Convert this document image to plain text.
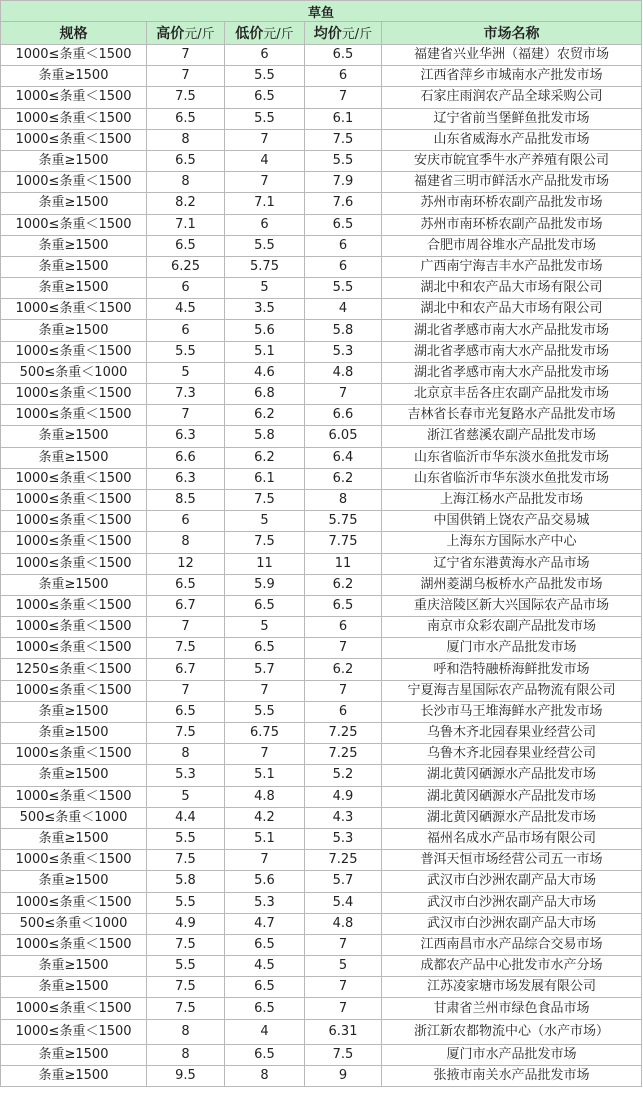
草鱼				
规格	高价元/斤	低价元/斤	均价元/斤	市场名称
1000≤条重＜1500	7	6	6.5	福建省兴业华洲（福建）农贸市场
条重≥1500	7	5.5	6	江西省萍乡市城南水产批发市场
1000≤条重＜1500	7.5	6.5	7	石家庄雨润农产品全球采购公司
1000≤条重＜1500	6.5	5.5	6.1	辽宁省前当堡鲜鱼批发市场
1000≤条重＜1500	8	7	7.5	山东省威海水产品批发市场
条重≥1500	6.5	4	5.5	安庆市皖宜季牛水产养殖有限公司
1000≤条重＜1500	8	7	7.9	福建省三明市鲜活水产品批发市场
条重≥1500	8.2	7.1	7.6	苏州市南环桥农副产品批发市场
1000≤条重＜1500	7.1	6	6.5	苏州市南环桥农副产品批发市场
条重≥1500	6.5	5.5	6	合肥市周谷堆水产品批发市场
条重≥1500	6.25	5.75	6	广西南宁海吉丰水产品批发市场
条重≥1500	6	5	5.5	湖北中和农产品大市场有限公司
1000≤条重＜1500	4.5	3.5	4	湖北中和农产品大市场有限公司
条重≥1500	6	5.6	5.8	湖北省孝感市南大水产品批发市场
1000≤条重＜1500	5.5	5.1	5.3	湖北省孝感市南大水产品批发市场
500≤条重＜1000	5	4.6	4.8	湖北省孝感市南大水产品批发市场
1000≤条重＜1500	7.3	6.8	7	北京京丰岳各庄农副产品批发市场
1000≤条重＜1500	7	6.2	6.6	吉林省长春市光复路水产品批发市场
条重≥1500	6.3	5.8	6.05	浙江省慈溪农副产品批发市场
条重≥1500	6.6	6.2	6.4	山东省临沂市华东淡水鱼批发市场
1000≤条重＜1500	6.3	6.1	6.2	山东省临沂市华东淡水鱼批发市场
1000≤条重＜1500	8.5	7.5	8	上海江杨水产品批发市场
1000≤条重＜1500	6	5	5.75	中国供销上饶农产品交易城
1000≤条重＜1500	8	7.5	7.75	上海东方国际水产中心
1000≤条重＜1500	12	11	11	辽宁省东港黄海水产品市场
条重≥1500	6.5	5.9	6.2	湖州菱湖乌板桥水产品批发市场
1000≤条重＜1500	6.7	6.5	6.5	重庆涪陵区新大兴国际农产品市场
1000≤条重＜1500	7	5	6	南京市众彩农副产品批发市场
1000≤条重＜1500	7.5	6.5	7	厦门市水产品批发市场
1250≤条重＜1500	6.7	5.7	6.2	呼和浩特融桥海鲜批发市场
1000≤条重＜1500	7	7	7	宁夏海吉星国际农产品物流有限公司
条重≥1500	6.5	5.5	6	长沙市马王堆海鲜水产批发市场
条重≥1500	7.5	6.75	7.25	乌鲁木齐北园春果业经营公司
1000≤条重＜1500	8	7	7.25	乌鲁木齐北园春果业经营公司
条重≥1500	5.3	5.1	5.2	湖北黄冈硒源水产品批发市场
1000≤条重＜1500	5	4.8	4.9	湖北黄冈硒源水产品批发市场
500≤条重＜1000	4.4	4.2	4.3	湖北黄冈硒源水产品批发市场
条重≥1500	5.5	5.1	5.3	福州名成水产品市场有限公司
1000≤条重＜1500	7.5	7	7.25	普洱天恒市场经营公司五一市场
条重≥1500	5.8	5.6	5.7	武汉市白沙洲农副产品大市场
1000≤条重＜1500	5.5	5.3	5.4	武汉市白沙洲农副产品大市场
500≤条重＜1000	4.9	4.7	4.8	武汉市白沙洲农副产品大市场
1000≤条重＜1500	7.5	6.5	7	江西南昌市水产品综合交易市场
条重≥1500	5.5	4.5	5	成都农产品中心批发市水产分场
条重≥1500	7.5	6.5	7	江苏凌家塘市场发展有限公司
1000≤条重＜1500	7.5	6.5	7	甘肃省兰州市绿色食品市场
1000≤条重＜1500	8	4	6.31	浙江新农都物流中心（水产市场）
条重≥1500	8	6.5	7.5	厦门市水产品批发市场
条重≥1500	9.5	8	9	张掖市南关水产品批发市场
